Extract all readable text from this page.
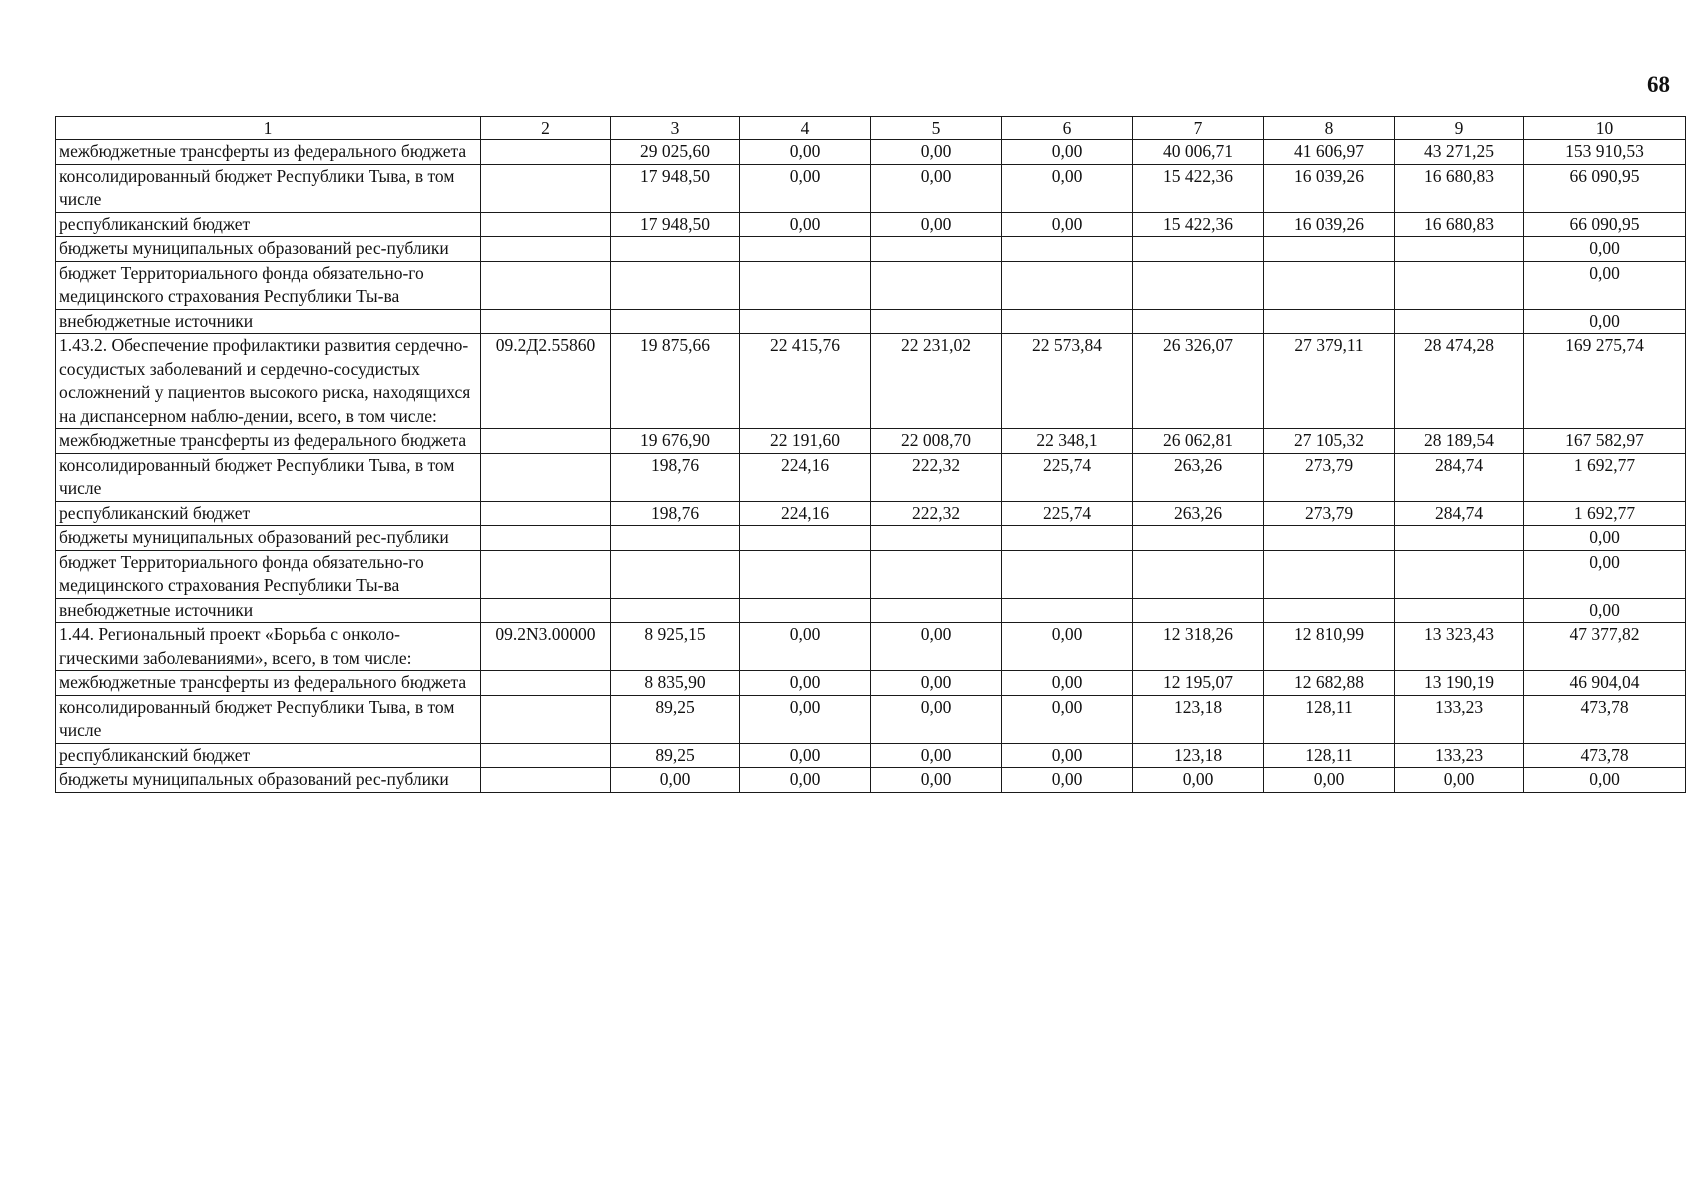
68
1	2	3	4	5	6	7	8	9	10
межбюджетные трансферты из федерального бюджета		29 025,60	0,00	0,00	0,00	40 006,71	41 606,97	43 271,25	153 910,53
консолидированный бюджет Республики Тыва, в том числе		17 948,50	0,00	0,00	0,00	15 422,36	16 039,26	16 680,83	66 090,95
республиканский бюджет		17 948,50	0,00	0,00	0,00	15 422,36	16 039,26	16 680,83	66 090,95
бюджеты муниципальных образований рес-публики									0,00
бюджет Территориального фонда обязательно-го медицинского страхования Республики Ты-ва									0,00
внебюджетные источники									0,00
1.43.2. Обеспечение профилактики развития сердечно-сосудистых заболеваний и сердечно-сосудистых осложнений у пациентов высокого риска, находящихся на диспансерном наблю-дении, всего, в том числе:	09.2Д2.55860	19 875,66	22 415,76	22 231,02	22 573,84	26 326,07	27 379,11	28 474,28	169 275,74
межбюджетные трансферты из федерального бюджета		19 676,90	22 191,60	22 008,70	22 348,1	26 062,81	27 105,32	28 189,54	167 582,97
консолидированный бюджет Республики Тыва, в том числе		198,76	224,16	222,32	225,74	263,26	273,79	284,74	1 692,77
республиканский бюджет		198,76	224,16	222,32	225,74	263,26	273,79	284,74	1 692,77
бюджеты муниципальных образований рес-публики									0,00
бюджет Территориального фонда обязательно-го медицинского страхования Республики Ты-ва									0,00
внебюджетные источники									0,00
1.44. Региональный проект «Борьба с онколо-гическими заболеваниями», всего, в том числе:	09.2N3.00000	8 925,15	0,00	0,00	0,00	12 318,26	12 810,99	13 323,43	47 377,82
межбюджетные трансферты из федерального бюджета		8 835,90	0,00	0,00	0,00	12 195,07	12 682,88	13 190,19	46 904,04
консолидированный бюджет Республики Тыва, в том числе		89,25	0,00	0,00	0,00	123,18	128,11	133,23	473,78
республиканский бюджет		89,25	0,00	0,00	0,00	123,18	128,11	133,23	473,78
бюджеты муниципальных образований рес-публики		0,00	0,00	0,00	0,00	0,00	0,00	0,00	0,00
